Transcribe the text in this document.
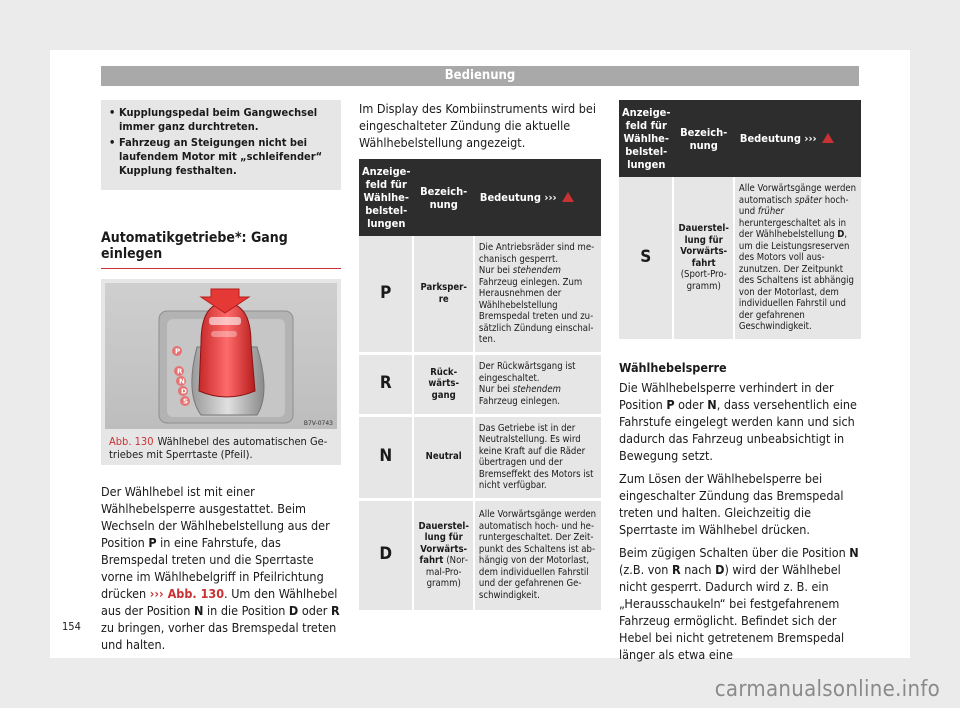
Bedienung

• Kupplungspedal beim Gangwechsel immer ganz durchtreten.

• Fahrzeug an Steigungen nicht bei laufendem Motor mit „schleifender“ Kupplung festhalten.

Automatikgetriebe*: Gang einlegen
P
R
N
D
S
B7V-0743
Abb. 130 Wählhebel des automatischen Getriebes mit Sperrtaste (Pfeil).
Der Wählhebel ist mit einer Wählhebelsperre ausgestattet. Beim Wechseln der Wählhebelstellung aus der Position P in eine Fahrstufe, das Bremspedal treten und die Sperrtaste vorne im Wählhebelgriff in Pfeilrichtung drücken ››› Abb. 130. Um den Wählhebel aus der Position N in die Position D oder R zu bringen, vorher das Bremspedal treten und halten.
Im Display des Kombiinstruments wird bei eingeschalteter Zündung die aktuelle Wählhebelstellung angezeigt.
Anzeigefeld für Wählhebelstellungen	Bezeichnung	Bedeutung ›››
P	Parksperre	Die Antriebsräder sind mechanisch gesperrt.
Nur bei stehendem Fahrzeug einlegen. Zum Herausnehmen der Wählhebelstellung Bremspedal treten und zusätzlich Zündung einschalten.
R	Rückwärtsgang	Der Rückwärtsgang ist eingeschaltet.
Nur bei stehendem Fahrzeug einlegen.
N	Neutral	Das Getriebe ist in der Neutralstellung. Es wird keine Kraft auf die Räder übertragen und der Bremseffekt des Motors ist nicht verfügbar.
D	Dauerstellung für Vorwärtsfahrt (Normal-Programm)	Alle Vorwärtsgänge werden automatisch hoch- und heruntergeschaltet. Der Zeitpunkt des Schaltens ist abhängig von der Motorlast, dem individuellen Fahrstil und der gefahrenen Geschwindigkeit.
Anzeigefeld für Wählhebelstellungen	Bezeichnung	Bedeutung ›››
S	Dauerstellung für Vorwärtsfahrt
(Sport-Programm)	Alle Vorwärtsgänge werden automatisch später hoch- und früher heruntergeschaltet als in der Wählhebelstellung D, um die Leistungsreserven des Motors voll auszunutzen. Der Zeitpunkt des Schaltens ist abhängig von der Motorlast, dem individuellen Fahrstil und der gefahrenen Geschwindigkeit.
Wählhebelsperre
Die Wählhebelsperre verhindert in der Position P oder N, dass versehentlich eine Fahrstufe eingelegt werden kann und sich dadurch das Fahrzeug unbeabsichtigt in Bewegung setzt.
Zum Lösen der Wählhebelsperre bei eingeschalter Zündung das Bremspedal treten und halten. Gleichzeitig die Sperrtaste im Wählhebel drücken.
Beim zügigen Schalten über die Position N (z.B. von R nach D) wird der Wählhebel nicht gesperrt. Dadurch wird z. B. ein „Herausschaukeln“ bei festgefahrenem Fahrzeug ermöglicht. Befindet sich der Hebel bei nicht getretenem Bremspedal länger als etwa eine
154
carmanualsonline.info
